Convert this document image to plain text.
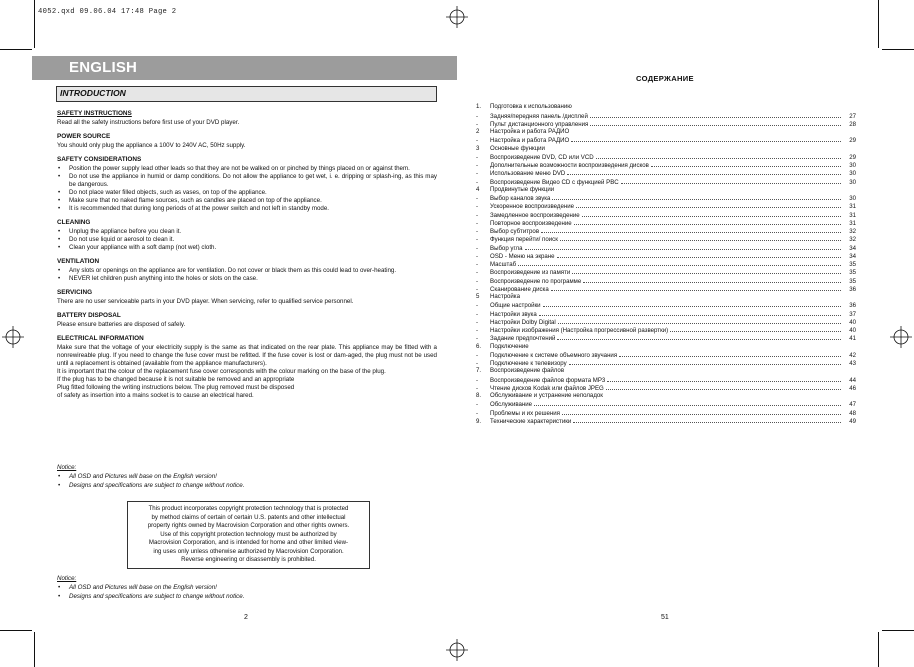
4052.qxd 09.06.04 17:48 Page 2
ENGLISH
INTRODUCTION
SAFETY INSTRUCTIONS

Read all the safety instructions before first use of your DVD player.

POWER SOURCE

You should only plug the appliance a 100V to 240V AC, 50Hz supply.

SAFETY CONSIDERATIONS
• Position the power supply lead other leads so that they are not be walked on or pinched by things placed on or against them.
• Do not use the appliance in humid or damp conditions. Do not allow the appliance to get wet, i. e. dripping or splash-ing, as this may be dangerous.
• Do not place water filled objects, such as vases, on top of the appliance.
• Make sure that no naked flame sources, such as candles are placed on top of the appliance.
• It is recommended that during long periods of at the power switch and not left in standby mode.
CLEANING
• Unplug the appliance before you clean it.
• Do not use liquid or aerosol to clean it.
• Clean your appliance with a soft damp (not wet) cloth.
VENTILATION
• Any slots or openings on the appliance are for ventilation. Do not cover or black them as this could lead to over-heating.
• NEVER let children push anything into the holes or slots on the case.
SERVICING

There are no user serviceable parts in your DVD player. When servicing, refer to qualified service personnel.

BATTERY DISPOSAL

Please ensure batteries are disposed of safely.

ELECTRICAL INFORMATION

Make sure that the voltage of your electricity supply is the same as that indicated on the rear plate. This appliance may be fitted with a nonrewireable plug. If you need to change the fuse cover must be refitted. If the fuse cover is lost or dam-aged, the plug must not be used until a replacement is obtained (available from the appliance manufacturers).

It is important that the colour of the replacement fuse cover corresponds with the colour marking on the base of the plug.

If the plug has to be changed because it is not suitable be removed and an appropriate

Plug fitted following the writing instructions below. The plug removed must be disposed

of safety as insertion into a mains socket is to cause an electrical hared.

Notice:
• All OSD and Pictures will base on the English version!
• Designs and specifications are subject to change without notice.
This product incorporates copyright protection technology that is protected
by method claims of certain of certain U.S. patents and other intellectual
property rights owned by Macrovision Corporation and other rights owners.
Use of this copyright protection technology must be authorized by
Macrovision Corporation, and is intended for home and other limited view-
ing uses only unless otherwise authorized by Macrovision Corporation.
Reverse engineering or disassembly is prohibited.
Notice:
• All OSD and Pictures will base on the English version!
• Designs and specifications are subject to change without notice.
2
СОДЕРЖАНИЕ
1.	Подготовка к использованию
-	Задняя/передняя панель /дисплей	27
-	Пульт дистанционного управления	28
2	Настройка и работа РАДИО
-	Настройка и работа РАДИО	29
3	Основные функции
-	Воспроизведение DVD, CD или VCD	29
-	Дополнительные возможности воспроизведения дисков	30
-	Использование меню DVD	30
-	Воспроизведение Видео CD с функцией PBC	30
4	Продвинутые функции
-	Выбор каналов звука	30
-	Ускоренное воспроизведение	31
-	Замедленное воспроизведение	31
-	Повторное воспроизведение	31
-	Выбор субтитров	32
-	Функция перейти/ поиск	32
-	Выбор угла	34
-	OSD - Меню на экране	34
-	Масштаб	35
-	Воспроизведение из памяти	35
-	Воспроизведение по программе	35
-	Сканирование диска	36
5	Настройка
-	Общие настройки	36
-	Настройки звука	37
-	Настройки Dolby Digital	40
-	Настройки изображения (Настройка прогрессивной развертки)	40
-	Задание предпочтений	41
6.	Подключение
-	Подключение к системе объемного звучания	42
-	Подключение к телевизору	43
7.	Воспроизведение файлов
-	Воспроизведение файлов формата MP3	44
-	Чтение дисков Kodak или файлов JPEG	46
8.	Обслуживание и устранение неполадок
-	Обслуживание	47
-	Проблемы и их решения	48
9.	Технические характеристики	49
51
